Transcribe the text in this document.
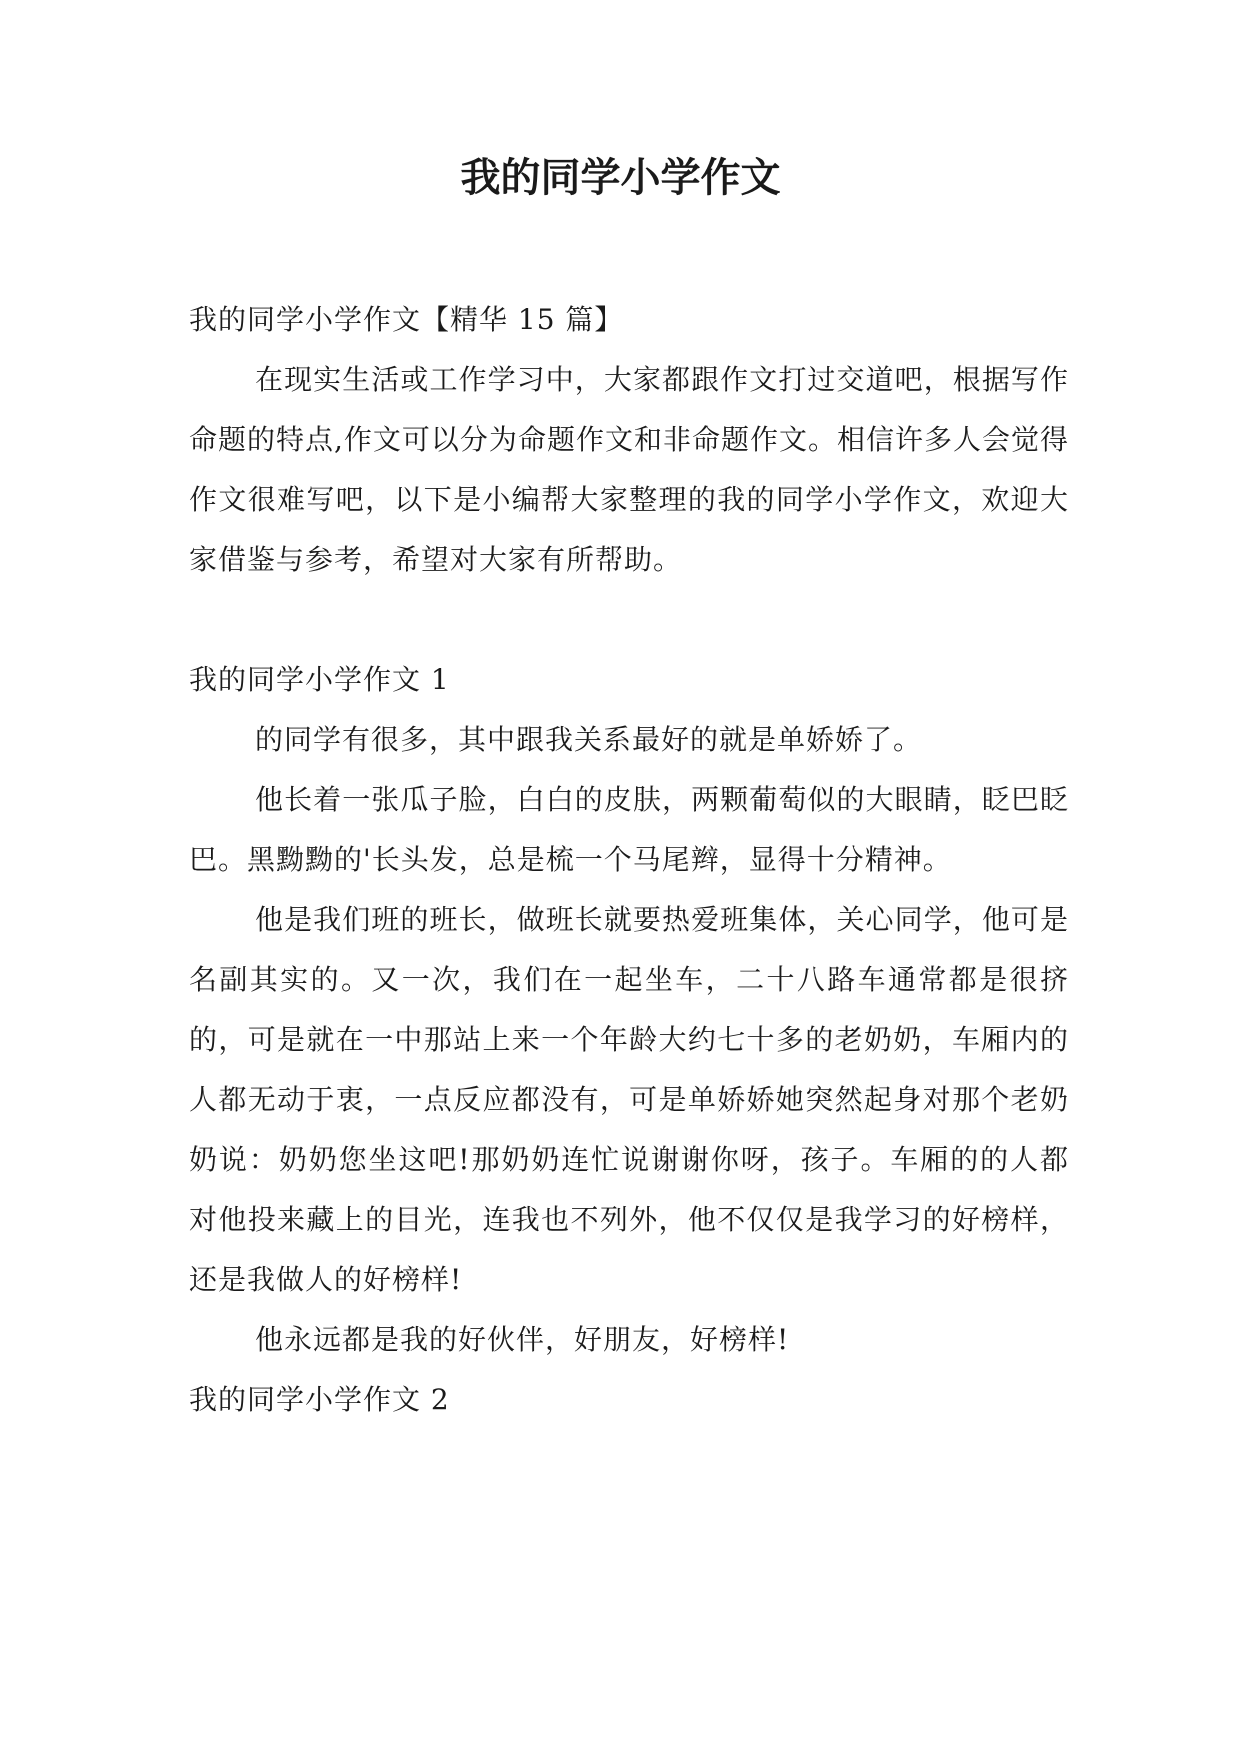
我的同学小学作文

我的同学小学作文【精华 15 篇】

在现实生活或工作学习中，大家都跟作文打过交道吧，根据写作命题的特点,作文可以分为命题作文和非命题作文。相信许多人会觉得作文很难写吧，以下是小编帮大家整理的我的同学小学作文，欢迎大家借鉴与参考，希望对大家有所帮助。

我的同学小学作文 1

的同学有很多，其中跟我关系最好的就是单娇娇了。

他长着一张瓜子脸，白白的皮肤，两颗葡萄似的大眼睛，眨巴眨巴。黑黝黝的'长头发，总是梳一个马尾辫，显得十分精神。

他是我们班的班长，做班长就要热爱班集体，关心同学，他可是名副其实的。又一次，我们在一起坐车，二十八路车通常都是很挤的，可是就在一中那站上来一个年龄大约七十多的老奶奶，车厢内的人都无动于衷，一点反应都没有，可是单娇娇她突然起身对那个老奶奶说：奶奶您坐这吧!那奶奶连忙说谢谢你呀，孩子。车厢的的人都对他投来藏上的目光，连我也不列外，他不仅仅是我学习的好榜样，还是我做人的好榜样!

他永远都是我的好伙伴，好朋友，好榜样!

我的同学小学作文 2
